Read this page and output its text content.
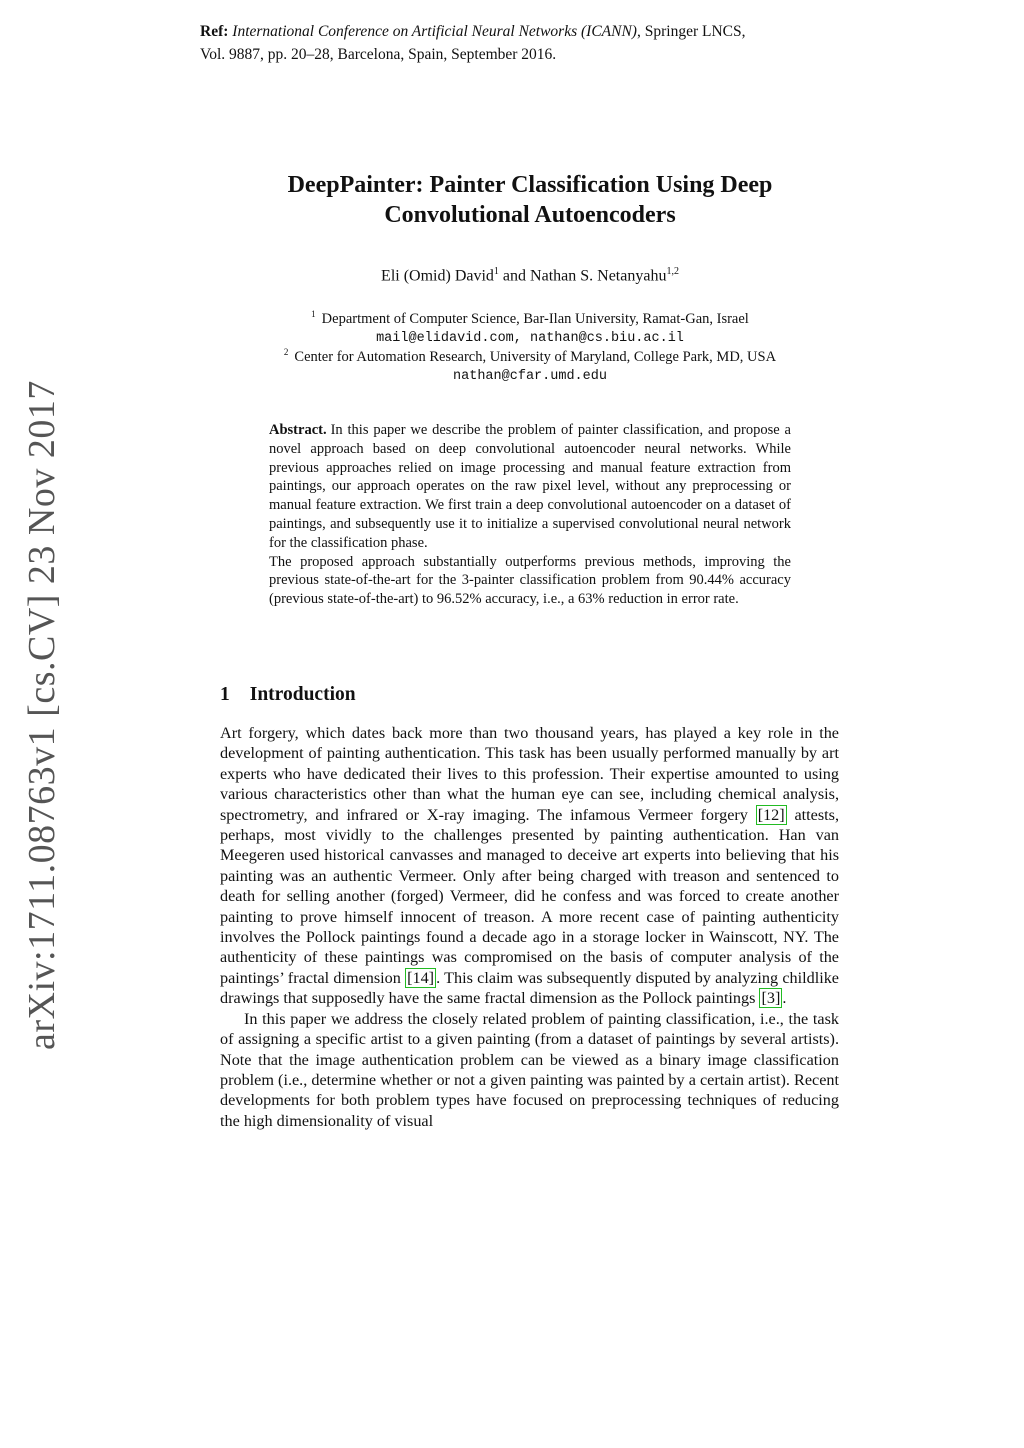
Ref: International Conference on Artificial Neural Networks (ICANN), Springer LNCS,
Vol. 9887, pp. 20–28, Barcelona, Spain, September 2016.
arXiv:1711.08763v1 [cs.CV] 23 Nov 2017
DeepPainter: Painter Classification Using Deep
Convolutional Autoencoders
Eli (Omid) David$^1$ and Nathan S. Netanyahu$^{1,2}$
$^1$ Department of Computer Science, Bar-Ilan University, Ramat-Gan, Israel
mail@elidavid.com, nathan@cs.biu.ac.il
$^2$ Center for Automation Research, University of Maryland, College Park, MD, USA
nathan@cfar.umd.edu

Abstract. In this paper we describe the problem of painter classification, and propose a novel approach based on deep convolutional autoencoder neural networks. While previous approaches relied on image processing and manual feature extraction from paintings, our approach operates on the raw pixel level, without any preprocessing or manual feature extraction. We first train a deep convolutional autoencoder on a dataset of paintings, and subsequently use it to initialize a supervised convolutional neural network for the classification phase.

The proposed approach substantially outperforms previous methods, improving the previous state-of-the-art for the 3-painter classification problem from 90.44% accuracy (previous state-of-the-art) to 96.52% accuracy, i.e., a 63% reduction in error rate.

1 Introduction

Art forgery, which dates back more than two thousand years, has played a key role in the development of painting authentication. This task has been usually performed manually by art experts who have dedicated their lives to this profession. Their expertise amounted to using various characteristics other than what the human eye can see, including chemical analysis, spectrometry, and infrared or X-ray imaging. The infamous Vermeer forgery [12] attests, perhaps, most vividly to the challenges presented by painting authentication. Han van Meegeren used historical canvasses and managed to deceive art experts into believing that his painting was an authentic Vermeer. Only after being charged with treason and sentenced to death for selling another (forged) Vermeer, did he confess and was forced to create another painting to prove himself innocent of treason. A more recent case of painting authenticity involves the Pollock paintings found a decade ago in a storage locker in Wainscott, NY. The authenticity of these paintings was compromised on the basis of computer analysis of the paintings’ fractal dimension [14] . This claim was subsequently disputed by analyzing childlike drawings that supposedly have the same fractal dimension as the Pollock paintings [3] .

In this paper we address the closely related problem of painting classification, i.e., the task of assigning a specific artist to a given painting (from a dataset of paintings by several artists). Note that the image authentication problem can be viewed as a binary image classification problem (i.e., determine whether or not a given painting was painted by a certain artist). Recent developments for both problem types have focused on preprocessing techniques of reducing the high dimensionality of visual
